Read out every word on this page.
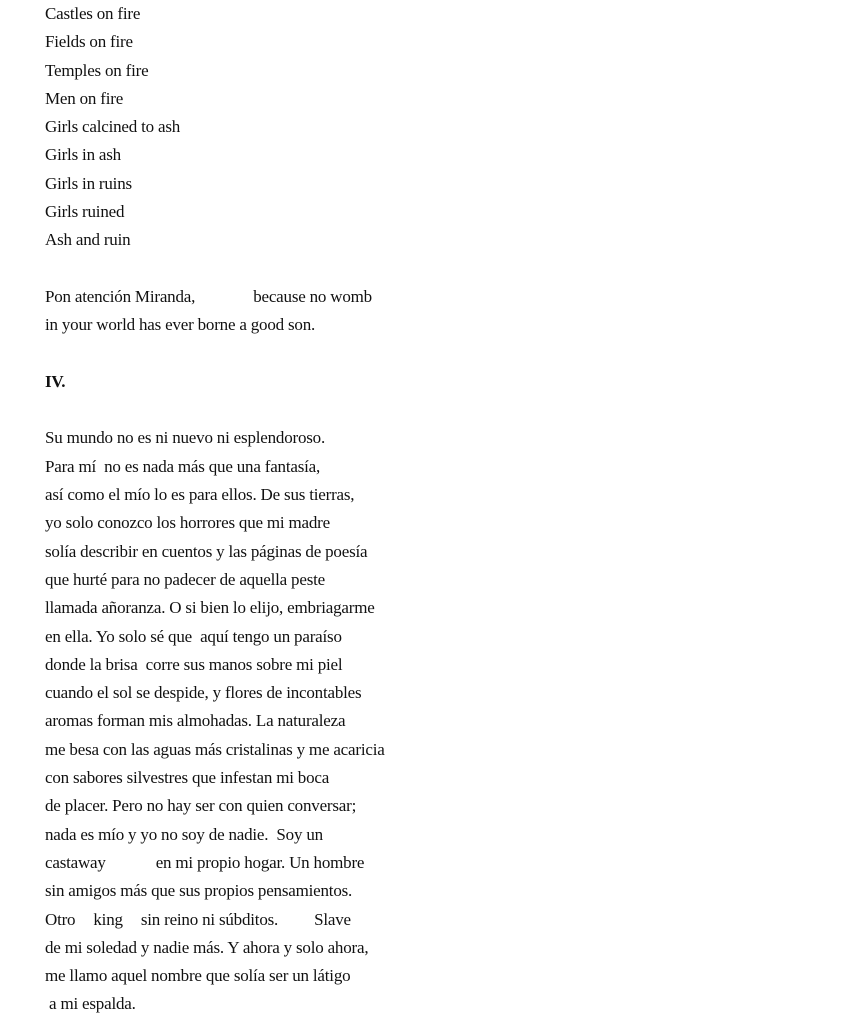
Castles on fire
Fields on fire
Temples on fire
Men on fire
Girls calcined to ash
Girls in ash
Girls in ruins
Girls ruined
Ash and ruin
Pon atención Miranda,	because no womb
in your world has ever borne a good son.
IV.
Su mundo no es ni nuevo ni esplendoroso.
Para mí  no es nada más que una fantasía,
así como el mío lo es para ellos. De sus tierras,
yo solo conozco los horrores que mi madre
solía describir en cuentos y las páginas de poesía
que hurté para no padecer de aquella peste
llamada añoranza. O si bien lo elijo, embriagarme
en ella. Yo solo sé que  aquí tengo un paraíso
donde la brisa  corre sus manos sobre mi piel
cuando el sol se despide, y flores de incontables
aromas forman mis almohadas. La naturaleza
me besa con las aguas más cristalinas y me acaricia
con sabores silvestres que infestan mi boca
de placer. Pero no hay ser con quien conversar;
nada es mío y yo no soy de nadie.  Soy un
castaway	en mi propio hogar. Un hombre
sin amigos más que sus propios pensamientos.
Otro king sin reino ni súbditos. Slave
de mi soledad y nadie más. Y ahora y solo ahora,
me llamo aquel nombre que solía ser un látigo
a mi espalda.
